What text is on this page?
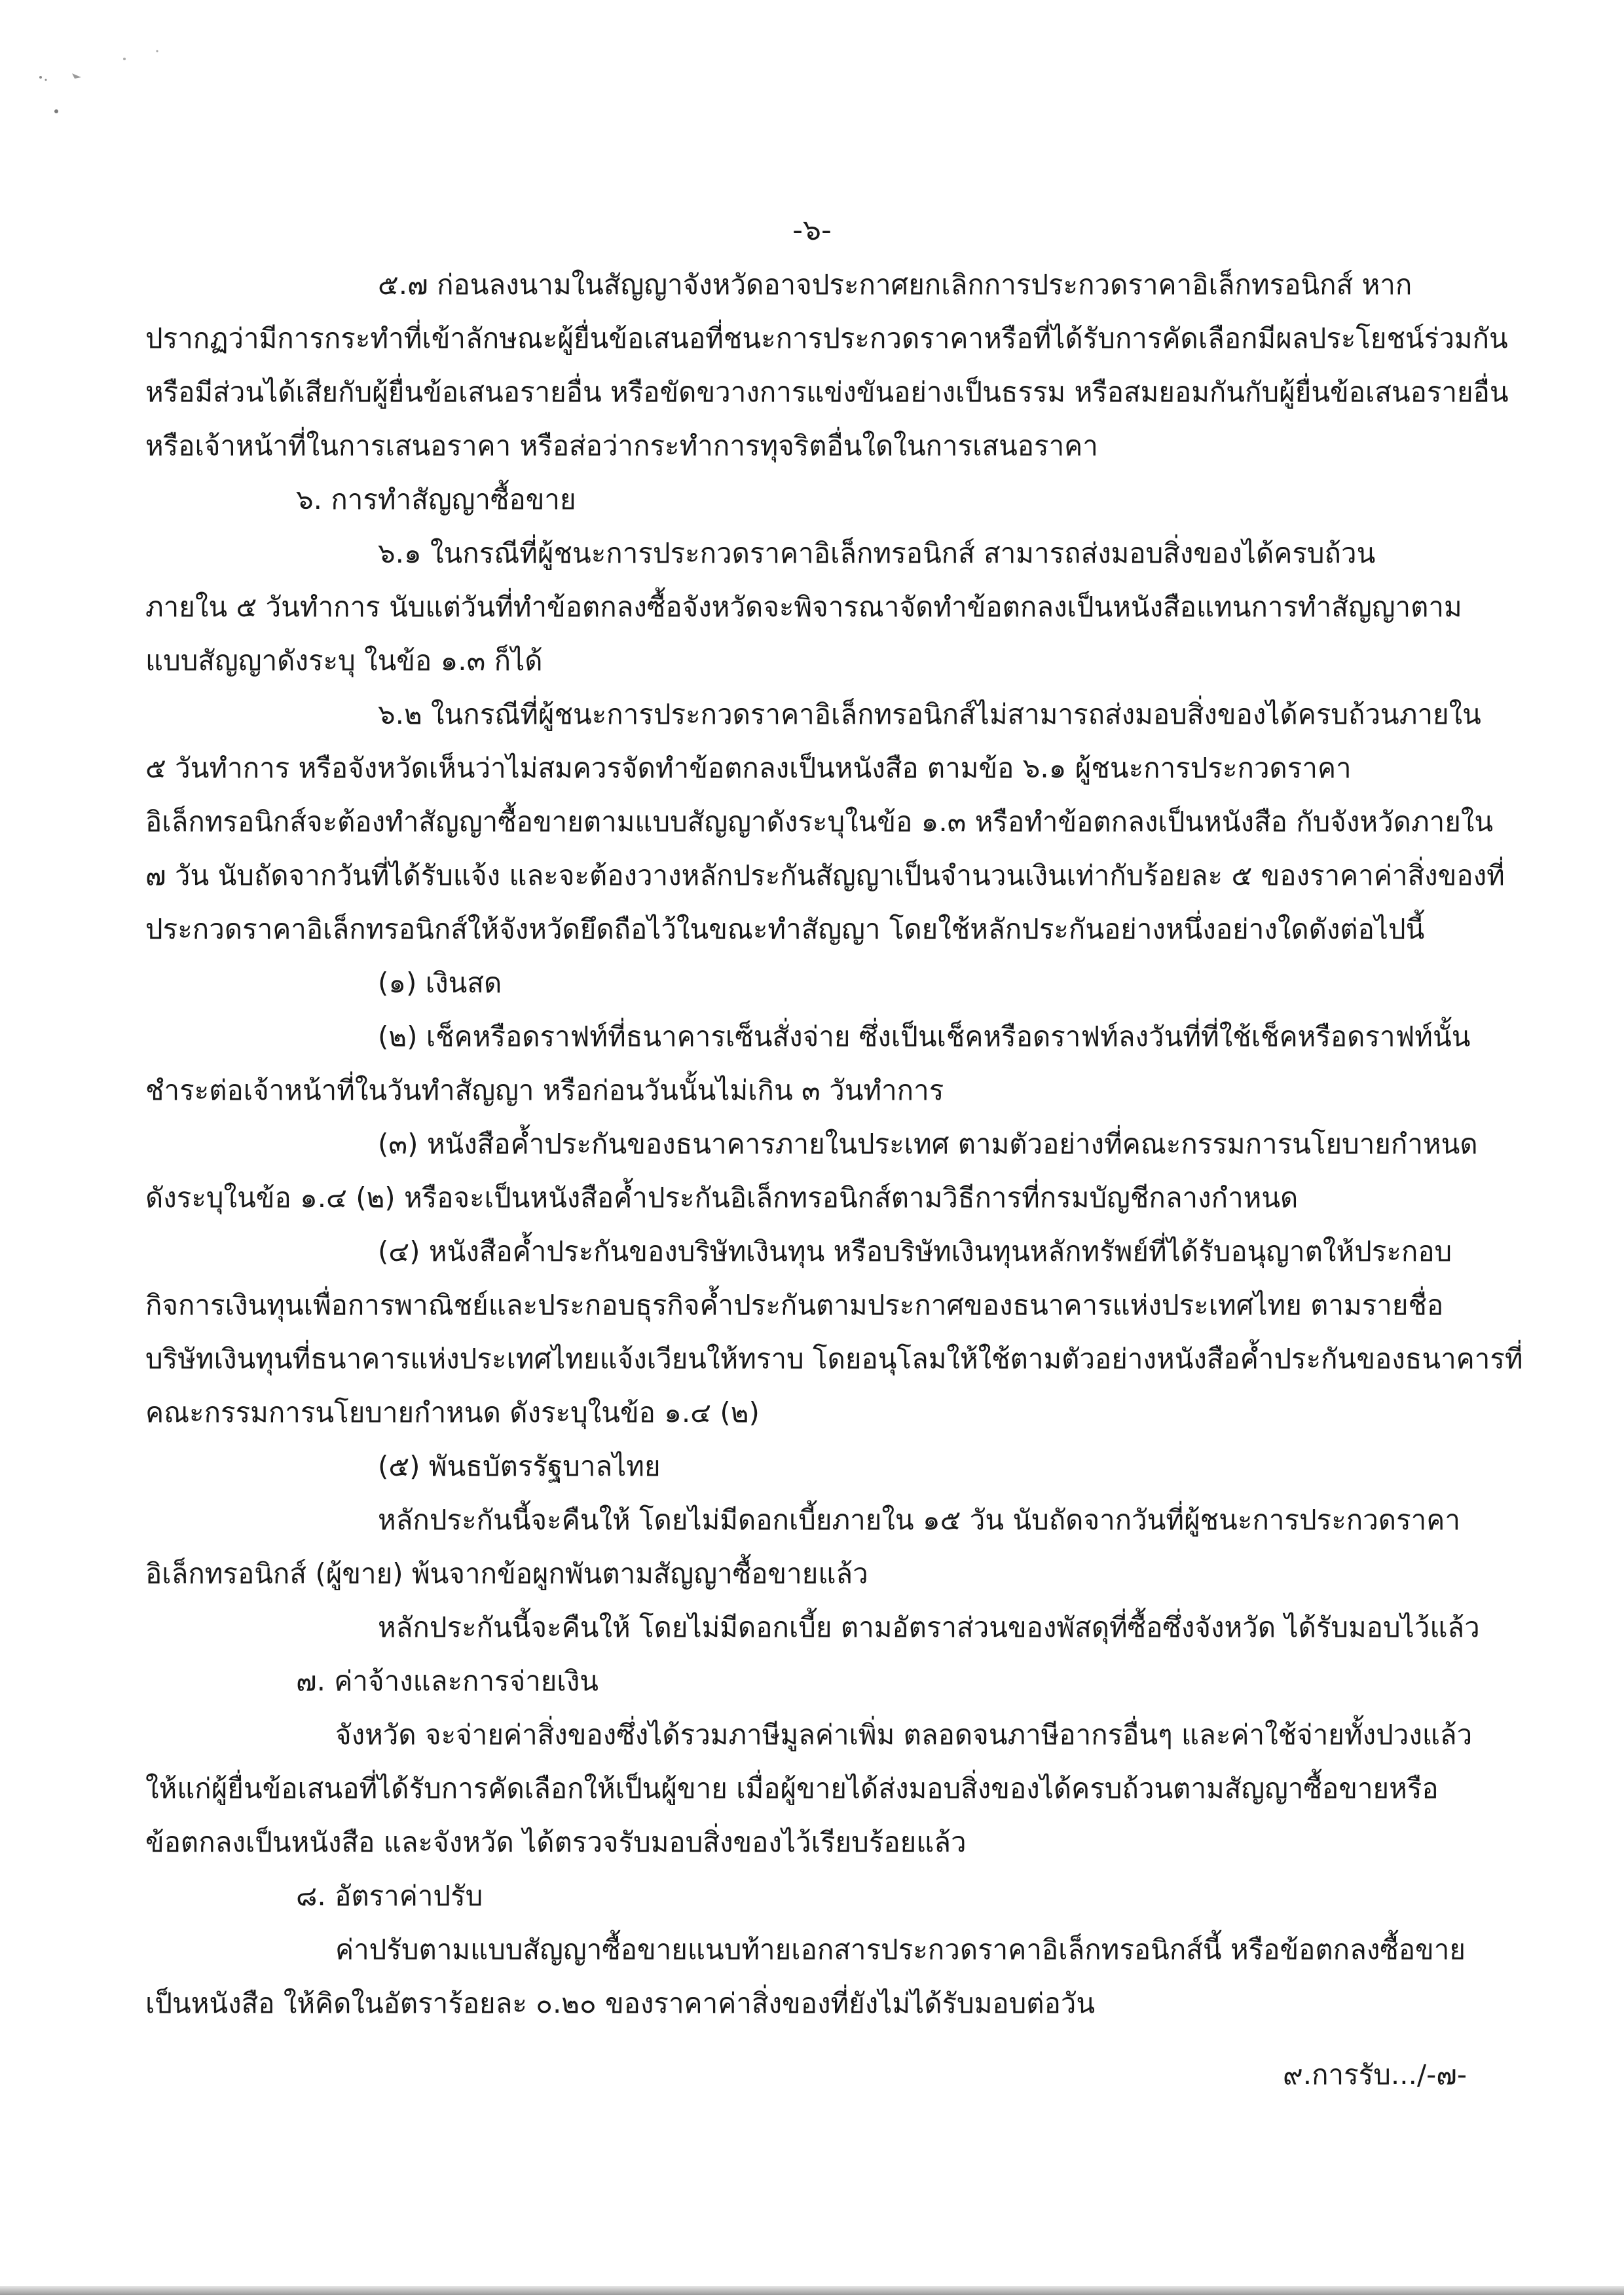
-๖-

๕.๗ ก่อนลงนามในสัญญาจังหวัดอาจประกาศยกเลิกการประกวดราคาอิเล็กทรอนิกส์ หาก

ปรากฏว่ามีการกระทำที่เข้าลักษณะผู้ยื่นข้อเสนอที่ชนะการประกวดราคาหรือที่ได้รับการคัดเลือกมีผลประโยชน์ร่วมกัน

หรือมีส่วนได้เสียกับผู้ยื่นข้อเสนอรายอื่น หรือขัดขวางการแข่งขันอย่างเป็นธรรม หรือสมยอมกันกับผู้ยื่นข้อเสนอรายอื่น

หรือเจ้าหน้าที่ในการเสนอราคา หรือส่อว่ากระทำการทุจริตอื่นใดในการเสนอราคา

๖. การทำสัญญาซื้อขาย

๖.๑ ในกรณีที่ผู้ชนะการประกวดราคาอิเล็กทรอนิกส์ สามารถส่งมอบสิ่งของได้ครบถ้วน

ภายใน ๕ วันทำการ นับแต่วันที่ทำข้อตกลงซื้อจังหวัดจะพิจารณาจัดทำข้อตกลงเป็นหนังสือแทนการทำสัญญาตาม

แบบสัญญาดังระบุ ในข้อ ๑.๓ ก็ได้

๖.๒ ในกรณีที่ผู้ชนะการประกวดราคาอิเล็กทรอนิกส์ไม่สามารถส่งมอบสิ่งของได้ครบถ้วนภายใน

๕ วันทำการ หรือจังหวัดเห็นว่าไม่สมควรจัดทำข้อตกลงเป็นหนังสือ ตามข้อ ๖.๑ ผู้ชนะการประกวดราคา

อิเล็กทรอนิกส์จะต้องทำสัญญาซื้อขายตามแบบสัญญาดังระบุในข้อ ๑.๓ หรือทำข้อตกลงเป็นหนังสือ กับจังหวัดภายใน

๗ วัน นับถัดจากวันที่ได้รับแจ้ง และจะต้องวางหลักประกันสัญญาเป็นจำนวนเงินเท่ากับร้อยละ ๕ ของราคาค่าสิ่งของที่

ประกวดราคาอิเล็กทรอนิกส์ให้จังหวัดยึดถือไว้ในขณะทำสัญญา โดยใช้หลักประกันอย่างหนึ่งอย่างใดดังต่อไปนี้

(๑) เงินสด

(๒) เช็คหรือดราฟท์ที่ธนาคารเซ็นสั่งจ่าย ซึ่งเป็นเช็คหรือดราฟท์ลงวันที่ที่ใช้เช็คหรือดราฟท์นั้น

ชำระต่อเจ้าหน้าที่ในวันทำสัญญา หรือก่อนวันนั้นไม่เกิน ๓ วันทำการ

(๓) หนังสือค้ำประกันของธนาคารภายในประเทศ ตามตัวอย่างที่คณะกรรมการนโยบายกำหนด

ดังระบุในข้อ ๑.๔ (๒) หรือจะเป็นหนังสือค้ำประกันอิเล็กทรอนิกส์ตามวิธีการที่กรมบัญชีกลางกำหนด

(๔) หนังสือค้ำประกันของบริษัทเงินทุน หรือบริษัทเงินทุนหลักทรัพย์ที่ได้รับอนุญาตให้ประกอบ

กิจการเงินทุนเพื่อการพาณิชย์และประกอบธุรกิจค้ำประกันตามประกาศของธนาคารแห่งประเทศไทย ตามรายชื่อ

บริษัทเงินทุนที่ธนาคารแห่งประเทศไทยแจ้งเวียนให้ทราบ โดยอนุโลมให้ใช้ตามตัวอย่างหนังสือค้ำประกันของธนาคารที่

คณะกรรมการนโยบายกำหนด ดังระบุในข้อ ๑.๔ (๒)

(๕) พันธบัตรรัฐบาลไทย

หลักประกันนี้จะคืนให้ โดยไม่มีดอกเบี้ยภายใน ๑๕ วัน นับถัดจากวันที่ผู้ชนะการประกวดราคา

อิเล็กทรอนิกส์ (ผู้ขาย) พ้นจากข้อผูกพันตามสัญญาซื้อขายแล้ว

หลักประกันนี้จะคืนให้ โดยไม่มีดอกเบี้ย ตามอัตราส่วนของพัสดุที่ซื้อซึ่งจังหวัด ได้รับมอบไว้แล้ว

๗. ค่าจ้างและการจ่ายเงิน

จังหวัด จะจ่ายค่าสิ่งของซึ่งได้รวมภาษีมูลค่าเพิ่ม ตลอดจนภาษีอากรอื่นๆ และค่าใช้จ่ายทั้งปวงแล้ว

ให้แก่ผู้ยื่นข้อเสนอที่ได้รับการคัดเลือกให้เป็นผู้ขาย เมื่อผู้ขายได้ส่งมอบสิ่งของได้ครบถ้วนตามสัญญาซื้อขายหรือ

ข้อตกลงเป็นหนังสือ และจังหวัด ได้ตรวจรับมอบสิ่งของไว้เรียบร้อยแล้ว

๘. อัตราค่าปรับ

ค่าปรับตามแบบสัญญาซื้อขายแนบท้ายเอกสารประกวดราคาอิเล็กทรอนิกส์นี้ หรือข้อตกลงซื้อขาย

เป็นหนังสือ ให้คิดในอัตราร้อยละ ๐.๒๐ ของราคาค่าสิ่งของที่ยังไม่ได้รับมอบต่อวัน

๙.การรับ.../-๗-
